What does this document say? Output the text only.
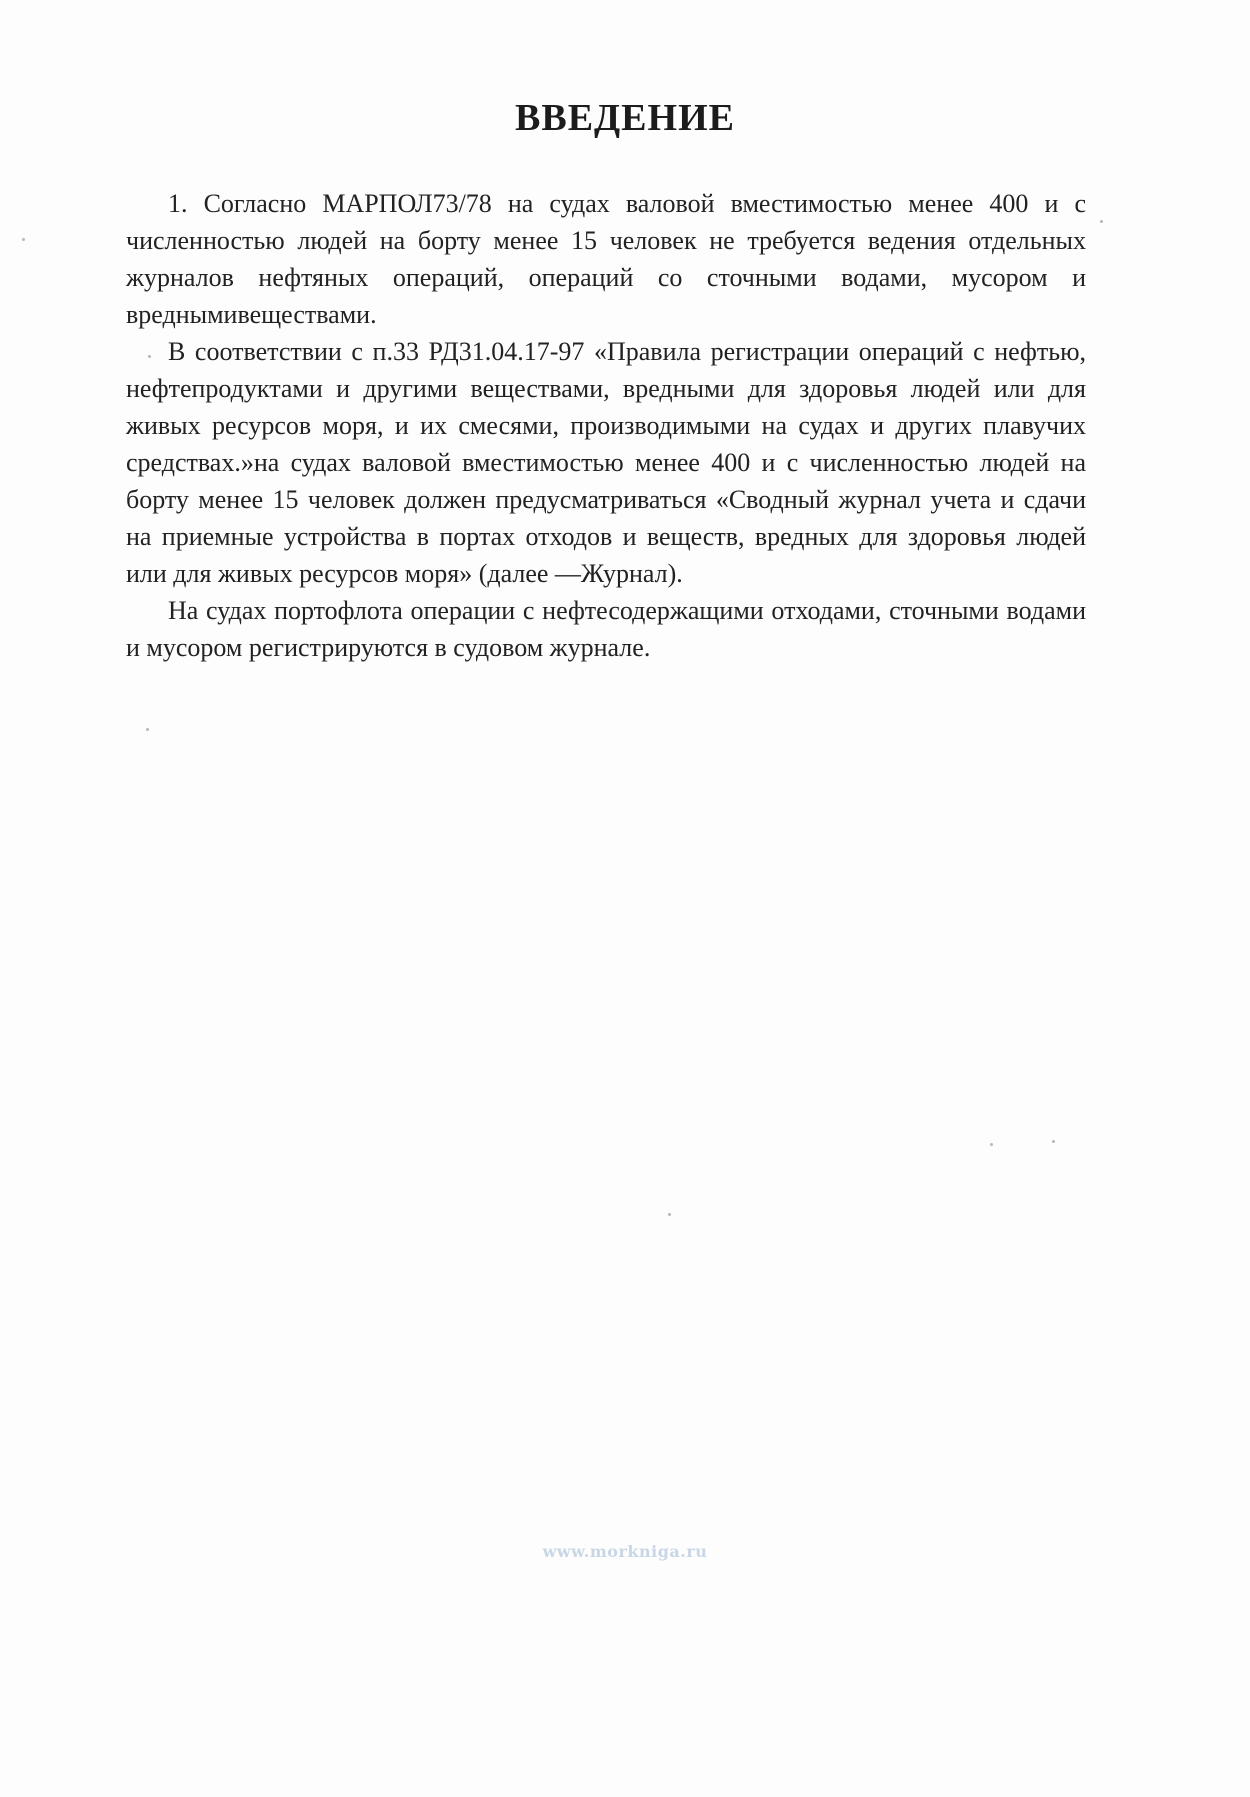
ВВЕДЕНИЕ

1. Согласно МАРПОЛ73/78 на судах валовой вместимостью менее 400 и с численностью людей на борту менее 15 человек не требуется ведения отдельных журналов нефтяных операций, операций со сточными водами, мусором и вреднымивеществами.

В соответствии с п.33 РД31.04.17-97 «Правила регистрации операций с нефтью, нефтепродуктами и другими веществами, вредными для здоровья людей или для живых ресурсов моря, и их смесями, производимыми на судах и других плавучих средствах.»на судах валовой вместимостью менее 400 и с численностью людей на борту менее 15 человек должен предусматриваться «Сводный журнал учета и сдачи на приемные устройства в портах отходов и веществ, вредных для здоровья людей или для живых ресурсов моря» (далее —Журнал).

На судах портофлота операции с нефтесодержащими отходами, сточными водами и мусором регистрируются в судовом журнале.

www.morkniga.ru
